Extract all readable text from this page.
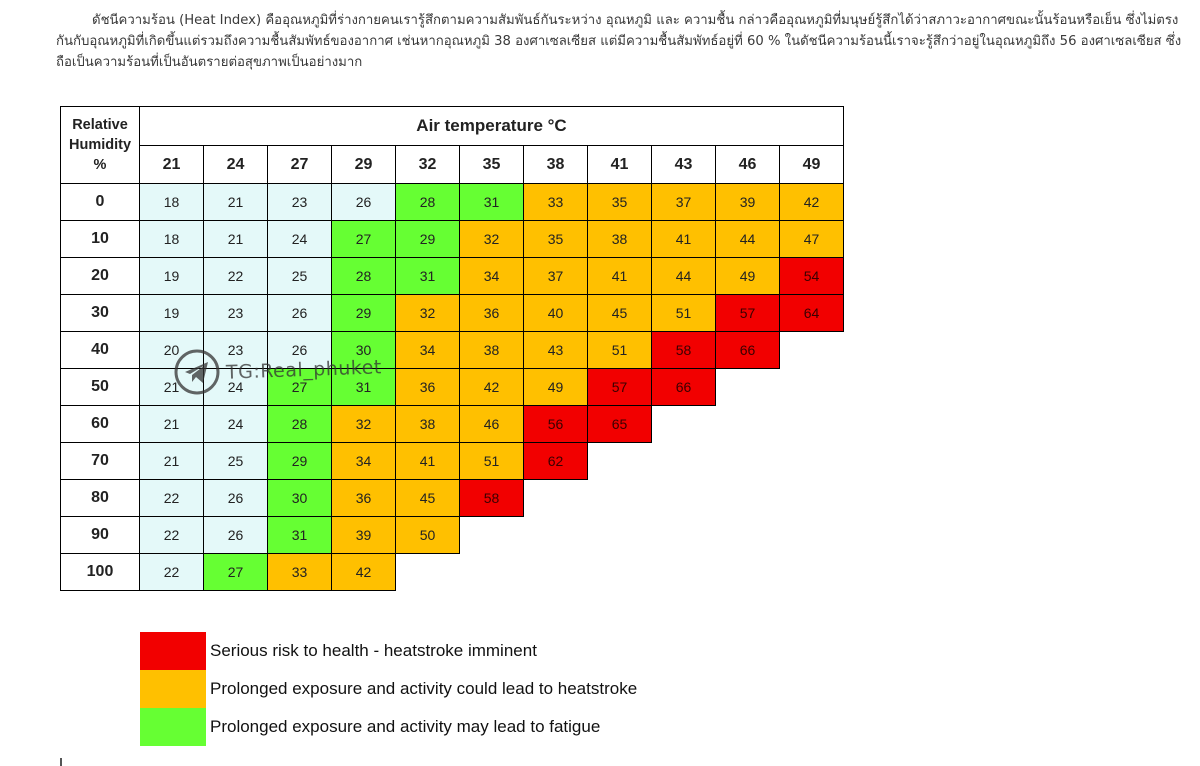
ดัชนีความร้อน (Heat Index) คืออุณหภูมิที่ร่างกายคนเรารู้สึกตามความสัมพันธ์กันระหว่าง อุณหภูมิ และ ความชื้น กล่าวคืออุณหภูมิที่มนุษย์รู้สึกได้ว่าสภาวะอากาศขณะนั้นร้อนหรือเย็น ซึ่งไม่ตรงกันกับอุณหภูมิที่เกิดขึ้นแต่รวมถึงความชื้นสัมพัทธ์ของอากาศ เช่นหากอุณหภูมิ 38 องศาเซลเซียส แต่มีความชื้นสัมพัทธ์อยู่ที่ 60 % ในดัชนีความร้อนนี้เราจะรู้สึกว่าอยู่ในอุณหภูมิถึง 56 องศาเซลเซียส ซึ่งถือเป็นความร้อนที่เป็นอันตรายต่อสุขภาพเป็นอย่างมาก

Relative
Humidity
%	Air temperature °C										
	21	24	27	29	32	35	38	41	43	46	49
0	18	21	23	26	28	31	33	35	37	39	42
10	18	21	24	27	29	32	35	38	41	44	47
20	19	22	25	28	31	34	37	41	44	49	54
30	19	23	26	29	32	36	40	45	51	57	64
40	20	23	26	30	34	38	43	51	58	66	
50	21	24	27	31	36	42	49	57	66		
60	21	24	28	32	38	46	56	65			
70	21	25	29	34	41	51	62				
80	22	26	30	36	45	58					
90	22	26	31	39	50						
100	22	27	33	42							
TG:Real_phuket
Serious risk to health - heatstroke imminent
Prolonged exposure and activity could lead to heatstroke
Prolonged exposure and activity may lead to fatigue
